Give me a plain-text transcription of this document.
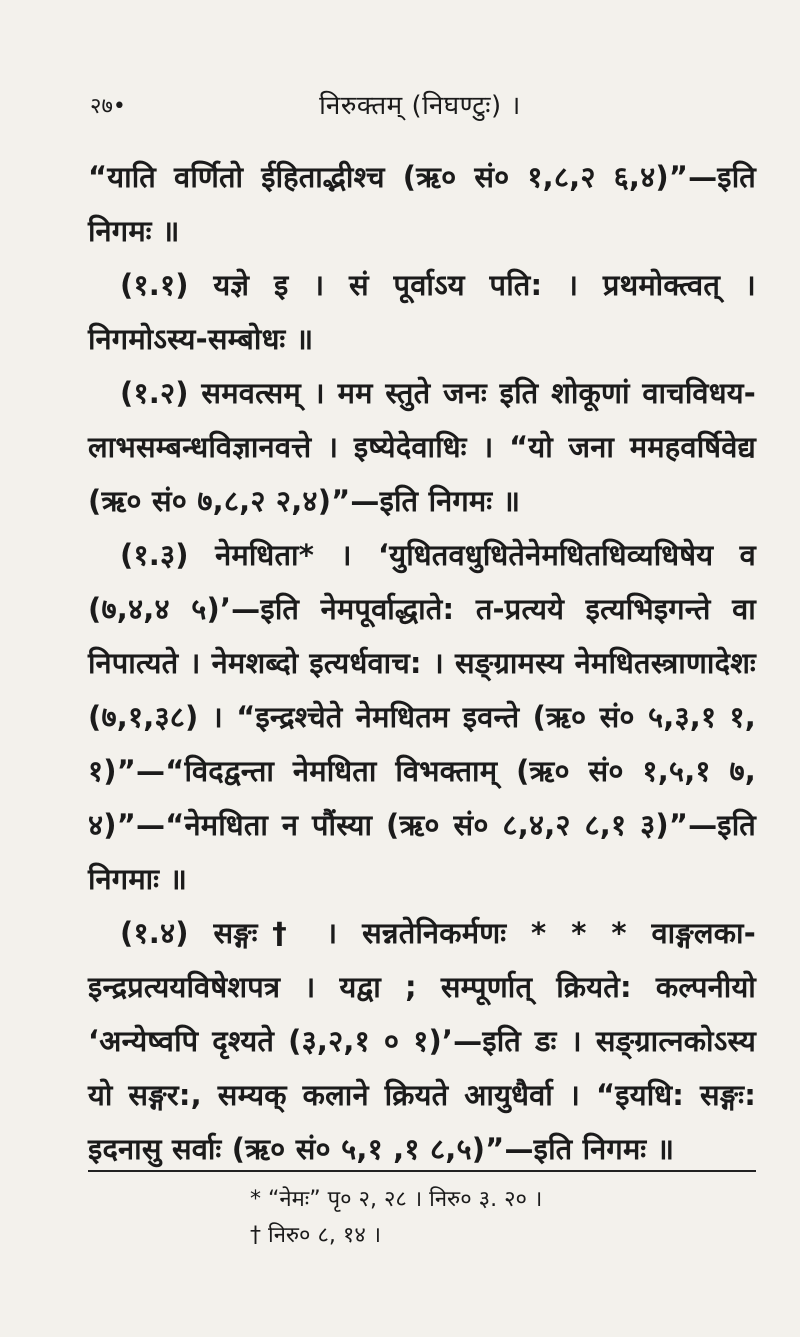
२७•	निरुक्तम् (निघण्टुः) ।

“याति वर्णितो ईहिताद्भीश्च (ऋ० सं० १,८,२ ६,४)”—इति निगमः ॥

(१.१) यज्ञे इ । सं पूर्वाऽय पति: । प्रथमोक्त्वत् । निगमोऽस्य-सम्बोधः ॥

(१.२) समवत्सम् । मम स्तुते जनः इति शोकूणां वाचविधय-लाभसम्बन्धविज्ञानवत्ते । इष्येदेवाधिः । “यो जना ममहवर्षिवेद्य (ऋ० सं० ७,८,२ २,४)”—इति निगमः ॥

(१.३) नेमधिता* । ‘युधितवधुधितेनेमधितधिव्यधिषेय व (७,४,४ ५)’—इति नेमपूर्वाद्धाते: त-प्रत्यये इत्यभिइगन्ते वा निपात्यते । नेमशब्दो इत्यर्धवाच: । सङ्ग्रामस्य नेमधितस्त्राणादेशः (७,१,३८) । “इन्द्रश्चेते नेमधितम इवन्ते (ऋ० सं० ५,३,१ १, १)”—“विदद्वन्ता नेमधिता विभक्ताम् (ऋ० सं० १,५,१ ७, ४)”—“नेमधिता न पौंस्या (ऋ० सं० ८,४,२ ८,१ ३)”—इति निगमाः ॥

(१.४) सङ्गः† । सन्नतेनिकर्मणः * * * वाङ्गलका-इन्द्रप्रत्ययविषेशपत्र । यद्वा ; सम्पूर्णात् क्रियते: कल्पनीयो ‘अन्येष्वपि दृश्यते (३,२,१ ० १)’—इति डः । सङ्ग्रात्नकोऽस्य यो सङ्गर:, सम्यक् कलाने क्रियते आयुधैर्वा । “इयधि: सङ्गः: इदनासु सर्वाः (ऋ० सं० ५,१ ,१ ८,५)”—इति निगमः ॥

* “नेमः” पृ० २, २८ । निरु० ३. २० ।

† निरु० ८, १४ ।
